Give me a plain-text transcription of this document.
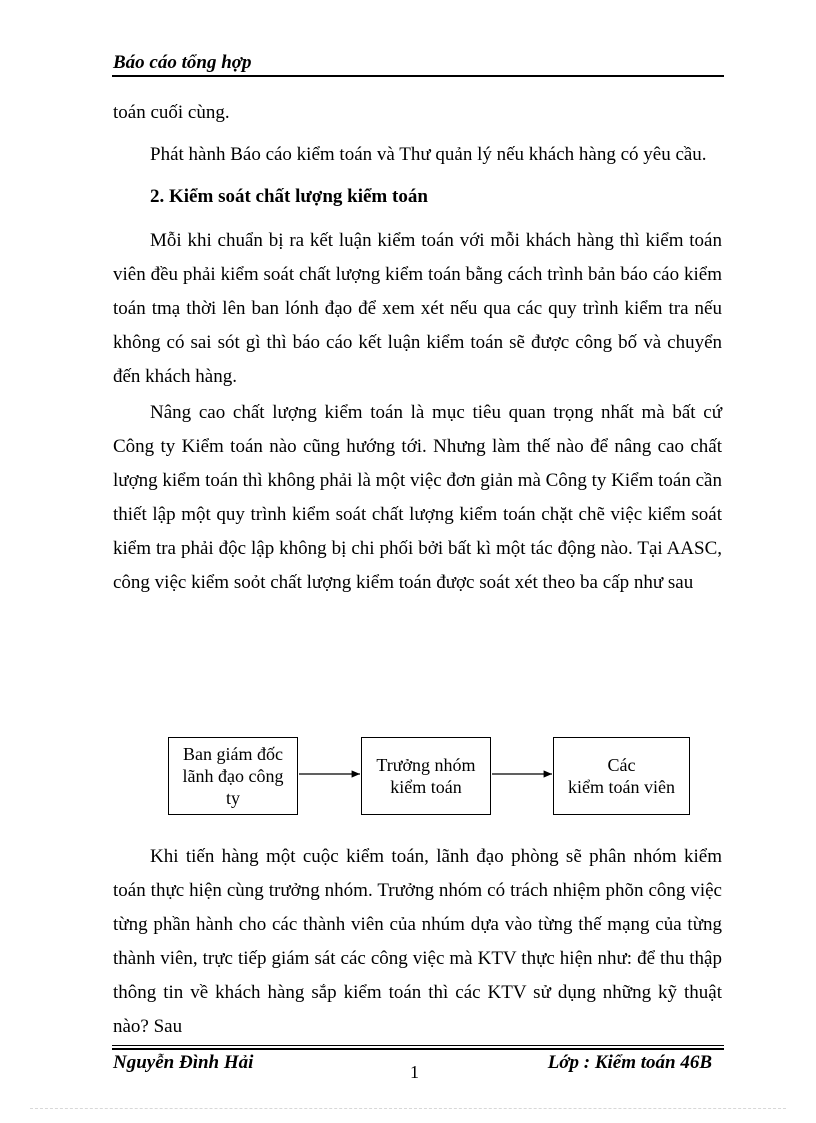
Báo cáo tổng hợp
toán cuối cùng.
Phát hành Báo cáo kiểm toán và Thư quản lý nếu khách hàng có yêu cầu.
2. Kiểm soát chất lượng kiểm toán
Mỗi khi chuẩn bị ra kết luận kiểm toán với mỗi khách hàng thì kiểm toán viên đều phải kiểm soát chất lượng kiểm toán bằng cách trình bản báo cáo kiểm toán tmạ thời lên ban lónh đạo để xem xét nếu qua các quy trình kiểm tra nếu không có sai sót gì thì báo cáo kết luận kiểm toán sẽ được công bố và chuyển đến khách hàng.
Nâng cao chất lượng kiểm toán là mục tiêu quan trọng nhất mà bất cứ Công ty Kiểm toán nào cũng hướng tới. Nhưng làm thế nào để nâng cao chất lượng kiểm toán thì không phải là một việc đơn giản mà Công ty Kiểm toán cần thiết lập một quy trình kiểm soát chất lượng kiểm toán chặt chẽ việc kiểm soát kiểm tra phải độc lập không bị chi phối bởi bất kì một tác động nào. Tại AASC, công việc kiểm soỏt chất lượng kiểm toán được soát xét theo ba cấp như sau
Ban giám đốc
lãnh đạo công
ty
Trưởng nhóm
kiểm toán
Các
kiểm toán viên
Khi tiến hàng một cuộc kiểm toán, lãnh đạo phòng sẽ phân nhóm kiểm toán thực hiện cùng trưởng nhóm. Trưởng nhóm có trách nhiệm phõn công việc từng phần hành cho các thành viên của nhúm dựa vào từng thế mạng của từng thành viên, trực tiếp giám sát các công việc mà KTV thực hiện như: để thu thập thông tin về khách hàng sắp kiểm toán thì các KTV sử dụng những kỹ thuật nào? Sau
Nguyễn Đình Hải	Lớp : Kiểm toán 46B
1
